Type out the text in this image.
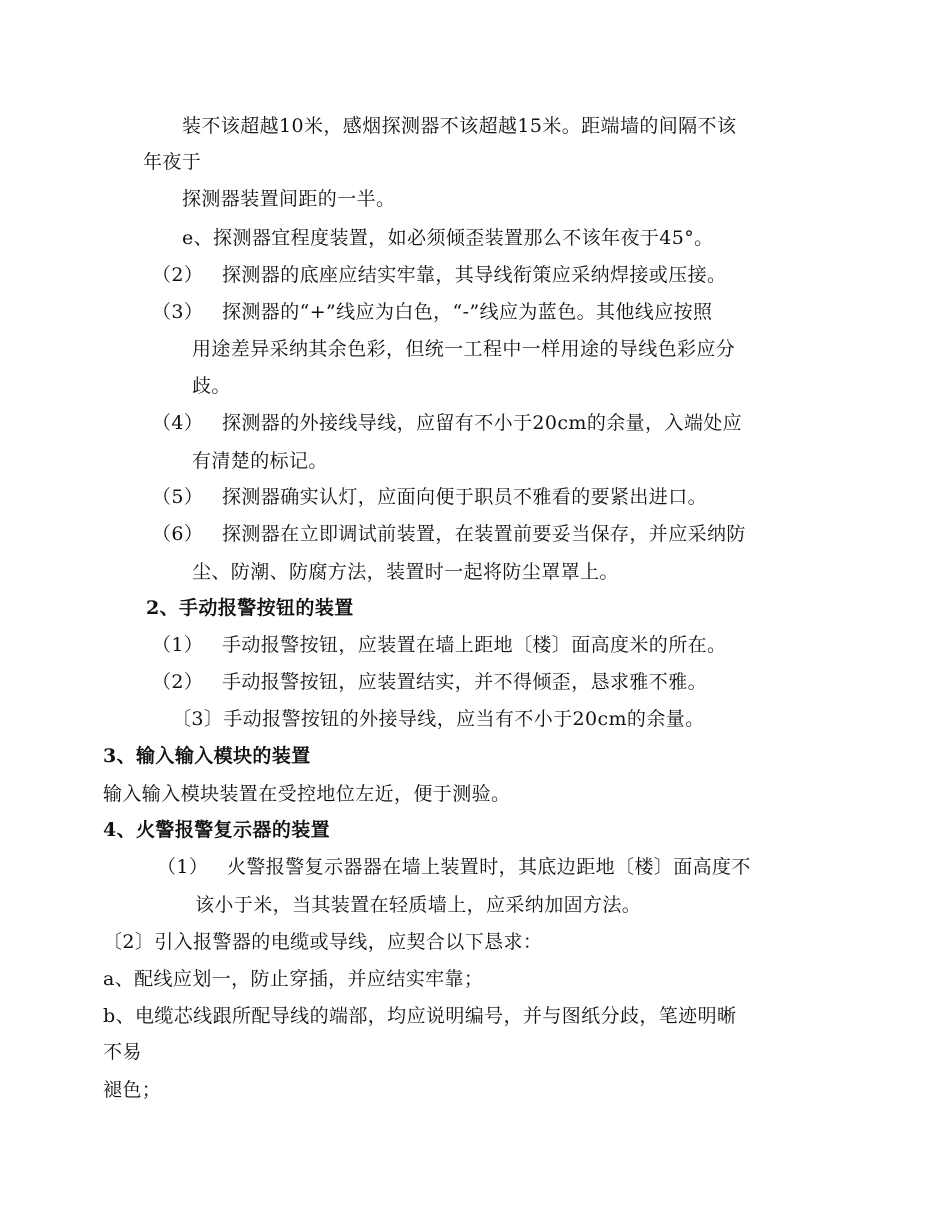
装不该超越10米，感烟探测器不该超越15米。距端墙的间隔不该
年夜于
探测器装置间距的一半。
e、探测器宜程度装置，如必须倾歪装置那么不该年夜于45°。
（2） 探测器的底座应结实牢靠，其导线衔策应采纳焊接或压接。
（3） 探测器的“+”线应为白色，“-”线应为蓝色。其他线应按照
用途差异采纳其余色彩，但统一工程中一样用途的导线色彩应分
歧。
（4） 探测器的外接线导线，应留有不小于20cm的余量，入端处应
有清楚的标记。
（5） 探测器确实认灯，应面向便于职员不雅看的要紧出进口。
（6） 探测器在立即调试前装置，在装置前要妥当保存，并应采纳防
尘、防潮、防腐方法，装置时一起将防尘罩罩上。
2、手动报警按钮的装置
（1） 手动报警按钮，应装置在墙上距地〔楼〕面高度米的所在。
（2） 手动报警按钮，应装置结实，并不得倾歪，恳求雅不雅。
〔3〕手动报警按钮的外接导线，应当有不小于20cm的余量。
3、输入输入模块的装置
输入输入模块装置在受控地位左近，便于测验。
4、火警报警复示器的装置
（1） 火警报警复示器器在墙上装置时，其底边距地〔楼〕面高度不
该小于米，当其装置在轻质墙上，应采纳加固方法。
〔2〕引入报警器的电缆或导线，应契合以下恳求：
a、配线应划一，防止穿插，并应结实牢靠；
b、电缆芯线跟所配导线的端部，均应说明编号，并与图纸分歧，笔迹明晰
不易
褪色；
